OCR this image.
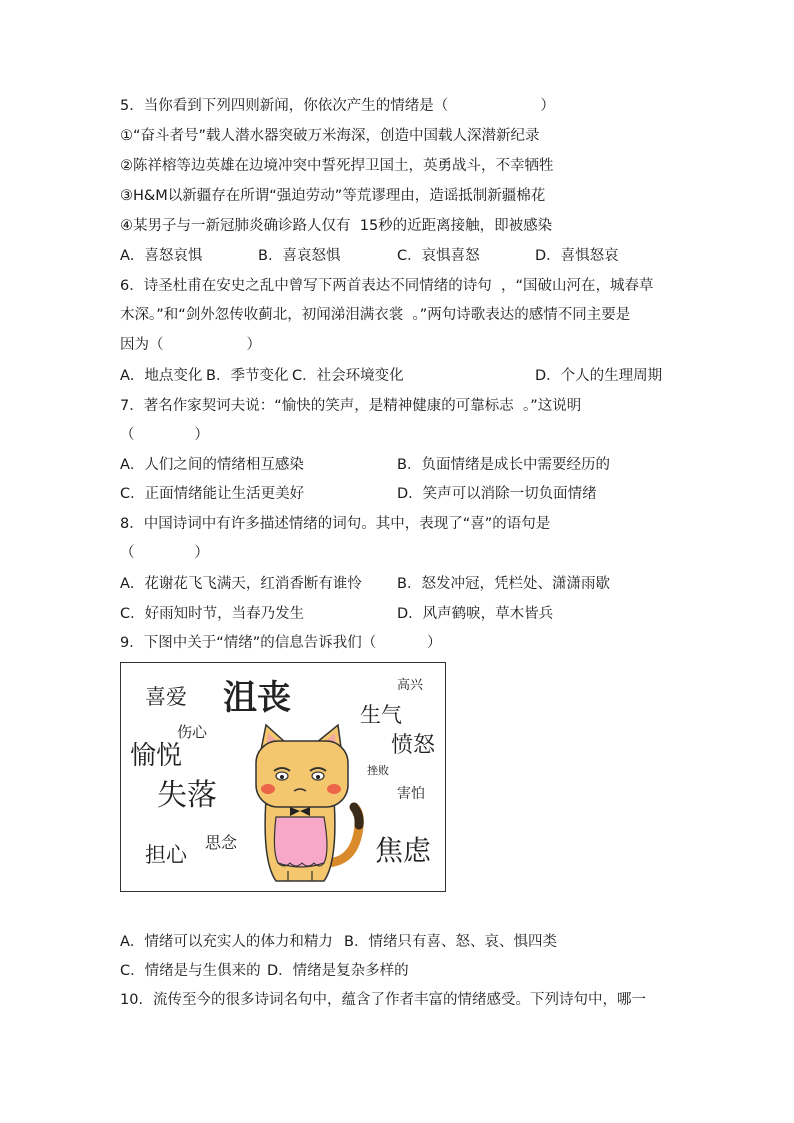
5．当你看到下列四则新闻，你依次产生的情绪是（                    ）
①“奋斗者号”载人潜水器突破万米海深，创造中国载人深潜新纪录
②陈祥榕等边英雄在边境冲突中誓死捍卫国土，英勇战斗，不幸牺牲
③H&M以新疆存在所谓“强迫劳动”等荒谬理由，造谣抵制新疆棉花
④某男子与一新冠肺炎确诊路人仅有  15秒的近距离接触，即被感染
A．喜怒哀惧	B．喜哀怒惧	C．哀惧喜怒	D．喜惧怒哀
6．诗圣杜甫在安史之乱中曾写下两首表达不同情绪的诗句  ，“国破山河在，城春草
木深。”和“剑外忽传收蓟北，初闻涕泪满衣裳  。”两句诗歌表达的感情不同主要是
因为（                  ）
A．地点变化 B．季节变化 C．社会环境变化	D．个人的生理周期
7．著名作家契诃夫说：“愉快的笑声，是精神健康的可靠标志  。”这说明
（             ）
A．人们之间的情绪相互感染	B．负面情绪是成长中需要经历的
C．正面情绪能让生活更美好	D．笑声可以消除一切负面情绪
8．中国诗词中有许多描述情绪的词句。其中，表现了“喜”的语句是
（             ）
A．花谢花飞飞满天，红消香断有谁怜 B．怒发冲冠，凭栏处、潇潇雨歇
C．好雨知时节，当春乃发生	D．风声鹤唳，草木皆兵
9．下图中关于“情绪”的信息告诉我们（           ）
喜爱 沮丧	高兴
生气
伤心
愉悦	愤怒
挫败
失落	害怕
思念
担心	焦虑
A．情绪可以充实人的体力和精力 B．情绪只有喜、怒、哀、惧四类
C．情绪是与生俱来的 D．情绪是复杂多样的
10．流传至今的很多诗词名句中，蕴含了作者丰富的情绪感受。下列诗句中，哪一
